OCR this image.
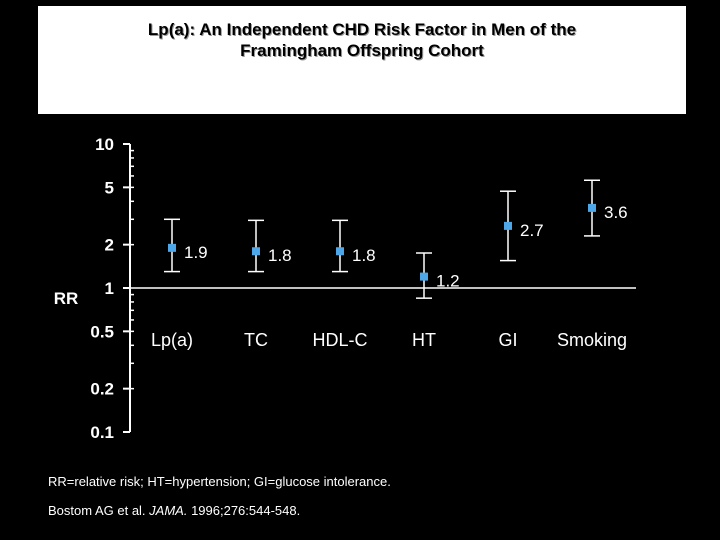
Lp(a): An Independent CHD Risk Factor in Men of the
Framingham Offspring Cohort
10
5
2
1
0.5
0.2
0.1
RR
1.9
Lp(a)
1.8
TC
1.8
HDL-C
1.2
HT
2.7
GI
3.6
Smoking
RR=relative risk; HT=hypertension; GI=glucose intolerance.
Bostom AG et al. JAMA. 1996;276:544-548.
